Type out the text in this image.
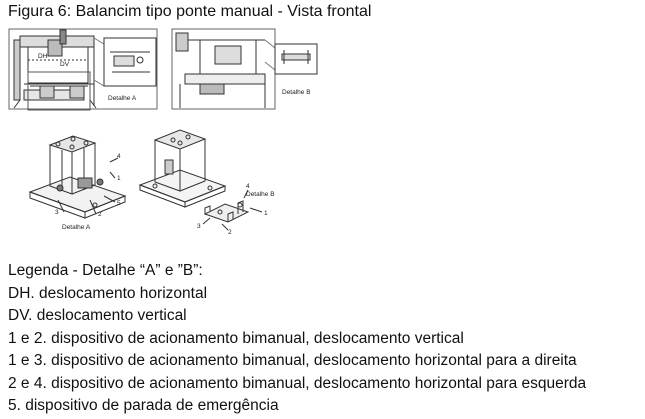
Figura 6: Balancim tipo ponte manual - Vista frontal
Detalhe A
Detalhe B
DH
DV
Detalhe A
Detalhe B
1
2
3
4
5
1
2
3
4
Legenda - Detalhe “A” e ”B”:
DH. deslocamento horizontal
DV. deslocamento vertical
1 e 2. dispositivo de acionamento bimanual, deslocamento vertical
1 e 3. dispositivo de acionamento bimanual, deslocamento horizontal para a direita
2 e 4. dispositivo de acionamento bimanual, deslocamento horizontal para esquerda
5. dispositivo de parada de emergência
